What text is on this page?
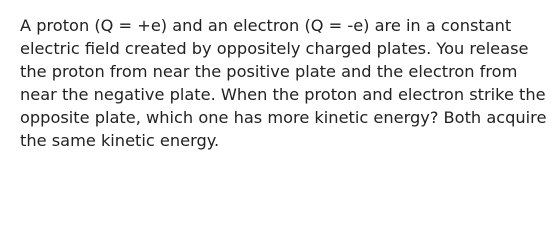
A proton (Q = +e) and an electron (Q = -e) are in a constant
electric field created by oppositely charged plates. You release
the proton from near the positive plate and the electron from
near the negative plate. When the proton and electron strike the
opposite plate, which one has more kinetic energy? Both acquire
the same kinetic energy.
